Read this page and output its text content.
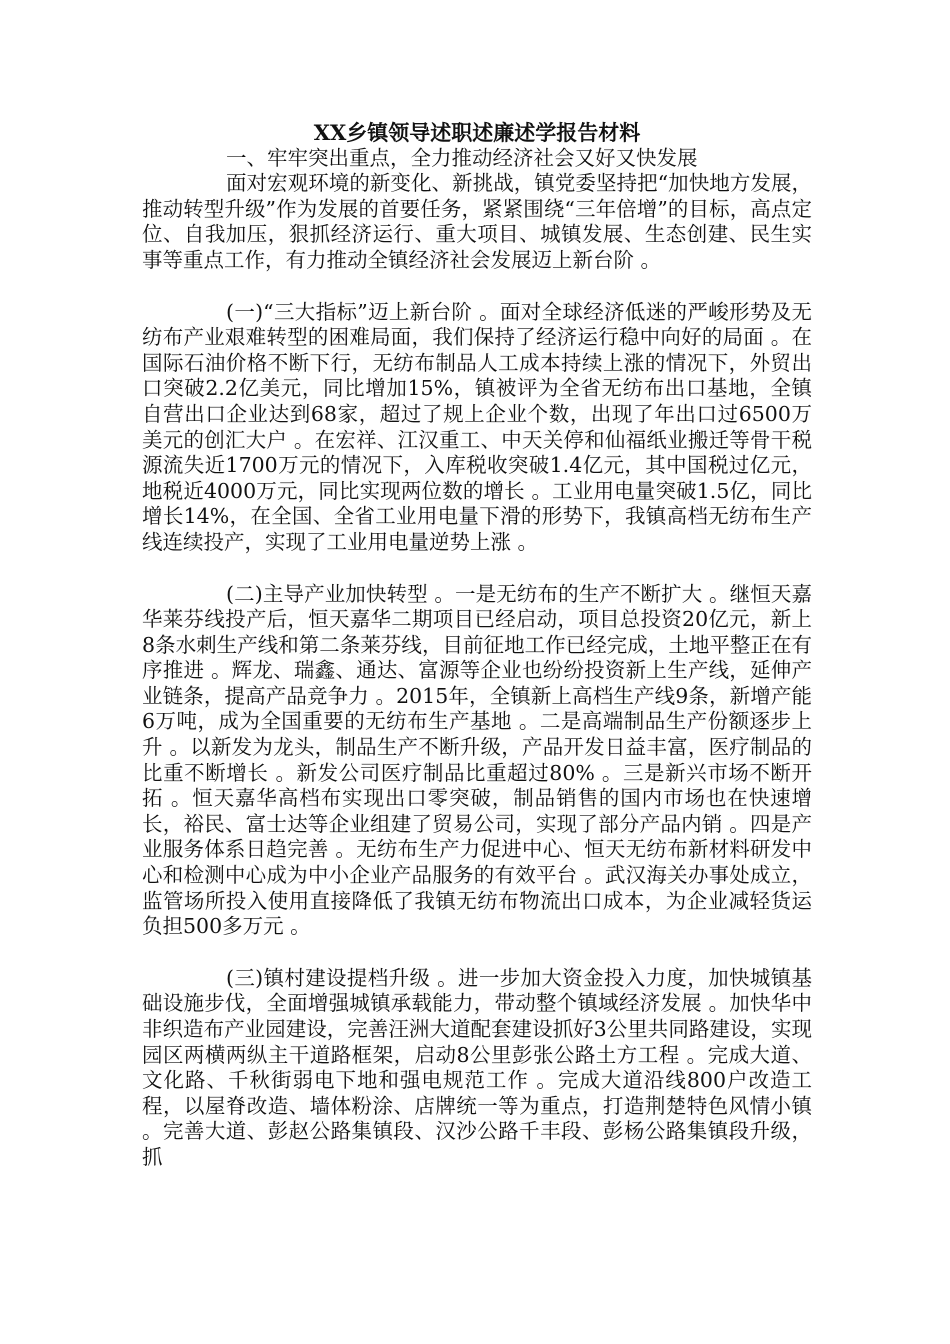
XX乡镇领导述职述廉述学报告材料

一、牢牢突出重点，全力推动经济社会又好又快发展

面对宏观环境的新变化、新挑战，镇党委坚持把“加快地方发展，推动转型升级”作为发展的首要任务，紧紧围绕“三年倍增”的目标，高点定位、自我加压，狠抓经济运行、重大项目、城镇发展、生态创建、民生实事等重点工作，有力推动全镇经济社会发展迈上新台阶 。

(一)“三大指标”迈上新台阶 。面对全球经济低迷的严峻形势及无纺布产业艰难转型的困难局面，我们保持了经济运行稳中向好的局面 。在国际石油价格不断下行，无纺布制品人工成本持续上涨的情况下，外贸出口突破2.2亿美元，同比增加15%，镇被评为全省无纺布出口基地，全镇自营出口企业达到68家，超过了规上企业个数，出现了年出口过6500万美元的创汇大户 。在宏祥、江汉重工、中天关停和仙福纸业搬迁等骨干税源流失近1700万元的情况下，入库税收突破1.4亿元，其中国税过亿元，地税近4000万元，同比实现两位数的增长 。工业用电量突破1.5亿，同比增长14%，在全国、全省工业用电量下滑的形势下，我镇高档无纺布生产线连续投产，实现了工业用电量逆势上涨 。

(二)主导产业加快转型 。一是无纺布的生产不断扩大 。继恒天嘉华莱芬线投产后，恒天嘉华二期项目已经启动，项目总投资20亿元，新上8条水刺生产线和第二条莱芬线，目前征地工作已经完成，土地平整正在有序推进 。辉龙、瑞鑫、通达、富源等企业也纷纷投资新上生产线，延伸产业链条，提高产品竞争力 。2015年，全镇新上高档生产线9条，新增产能6万吨，成为全国重要的无纺布生产基地 。二是高端制品生产份额逐步上升 。以新发为龙头，制品生产不断升级，产品开发日益丰富，医疗制品的比重不断增长 。新发公司医疗制品比重超过80% 。三是新兴市场不断开拓 。恒天嘉华高档布实现出口零突破，制品销售的国内市场也在快速增长，裕民、富士达等企业组建了贸易公司，实现了部分产品内销 。四是产业服务体系日趋完善 。无纺布生产力促进中心、恒天无纺布新材料研发中心和检测中心成为中小企业产品服务的有效平台 。武汉海关办事处成立，监管场所投入使用直接降低了我镇无纺布物流出口成本，为企业减轻货运负担500多万元 。

(三)镇村建设提档升级 。进一步加大资金投入力度，加快城镇基础设施步伐，全面增强城镇承载能力，带动整个镇域经济发展 。加快华中非织造布产业园建设，完善汪洲大道配套建设抓好3公里共同路建设，实现园区两横两纵主干道路框架，启动8公里彭张公路土方工程 。完成大道、文化路、千秋街弱电下地和强电规范工作 。完成大道沿线800户改造工程，以屋脊改造、墙体粉涂、店牌统一等为重点，打造荆楚特色风情小镇 。完善大道、彭赵公路集镇段、汉沙公路千丰段、彭杨公路集镇段升级，抓
